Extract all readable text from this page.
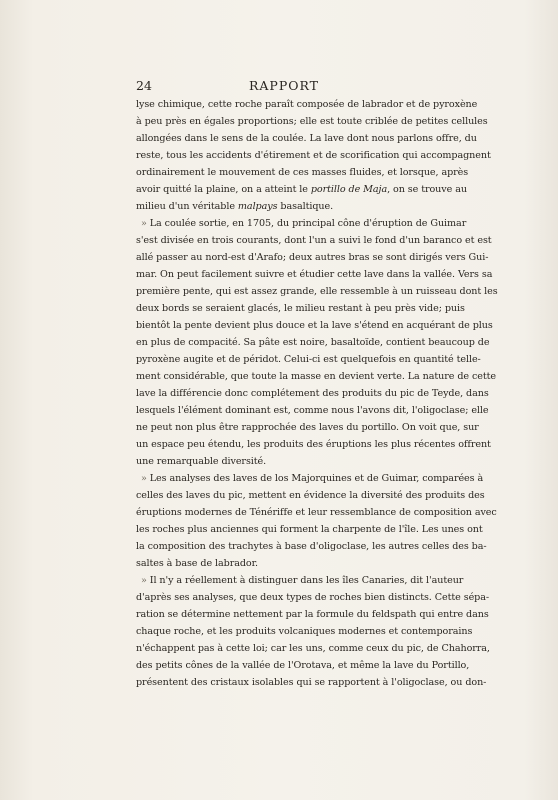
24	RAPPORT
lyse chimique, cette roche paraît composée de labrador et de pyroxène
à peu près en égales proportions; elle est toute criblée de petites cellules
allongées dans le sens de la coulée. La lave dont nous parlons offre, du
reste, tous les accidents d'étirement et de scorification qui accompagnent
ordinairement le mouvement de ces masses fluides, et lorsque, après
avoir quitté la plaine, on a atteint le portillo de Maja, on se trouve au
milieu d'un véritable malpays basaltique.
» La coulée sortie, en 1705, du principal cône d'éruption de Guimar
s'est divisée en trois courants, dont l'un a suivi le fond d'un baranco et est
allé passer au nord-est d'Arafo; deux autres bras se sont dirigés vers Gui-
mar. On peut facilement suivre et étudier cette lave dans la vallée. Vers sa
première pente, qui est assez grande, elle ressemble à un ruisseau dont les
deux bords se seraient glacés, le milieu restant à peu près vide; puis
bientôt la pente devient plus douce et la lave s'étend en acquérant de plus
en plus de compacité. Sa pâte est noire, basaltoïde, contient beaucoup de
pyroxène augite et de péridot. Celui-ci est quelquefois en quantité telle-
ment considérable, que toute la masse en devient verte. La nature de cette
lave la différencie donc complétement des produits du pic de Teyde, dans
lesquels l'élément dominant est, comme nous l'avons dit, l'oligoclase; elle
ne peut non plus être rapprochée des laves du portillo. On voit que, sur
un espace peu étendu, les produits des éruptions les plus récentes offrent
une remarquable diversité.
» Les analyses des laves de los Majorquines et de Guimar, comparées à
celles des laves du pic, mettent en évidence la diversité des produits des
éruptions modernes de Ténériffe et leur ressemblance de composition avec
les roches plus anciennes qui forment la charpente de l'île. Les unes ont
la composition des trachytes à base d'oligoclase, les autres celles des ba-
saltes à base de labrador.
» Il n'y a réellement à distinguer dans les îles Canaries, dit l'auteur
d'après ses analyses, que deux types de roches bien distincts. Cette sépa-
ration se détermine nettement par la formule du feldspath qui entre dans
chaque roche, et les produits volcaniques modernes et contemporains
n'échappent pas à cette loi; car les uns, comme ceux du pic, de Chahorra,
des petits cônes de la vallée de l'Orotava, et même la lave du Portillo,
présentent des cristaux isolables qui se rapportent à l'oligoclase, ou don-
